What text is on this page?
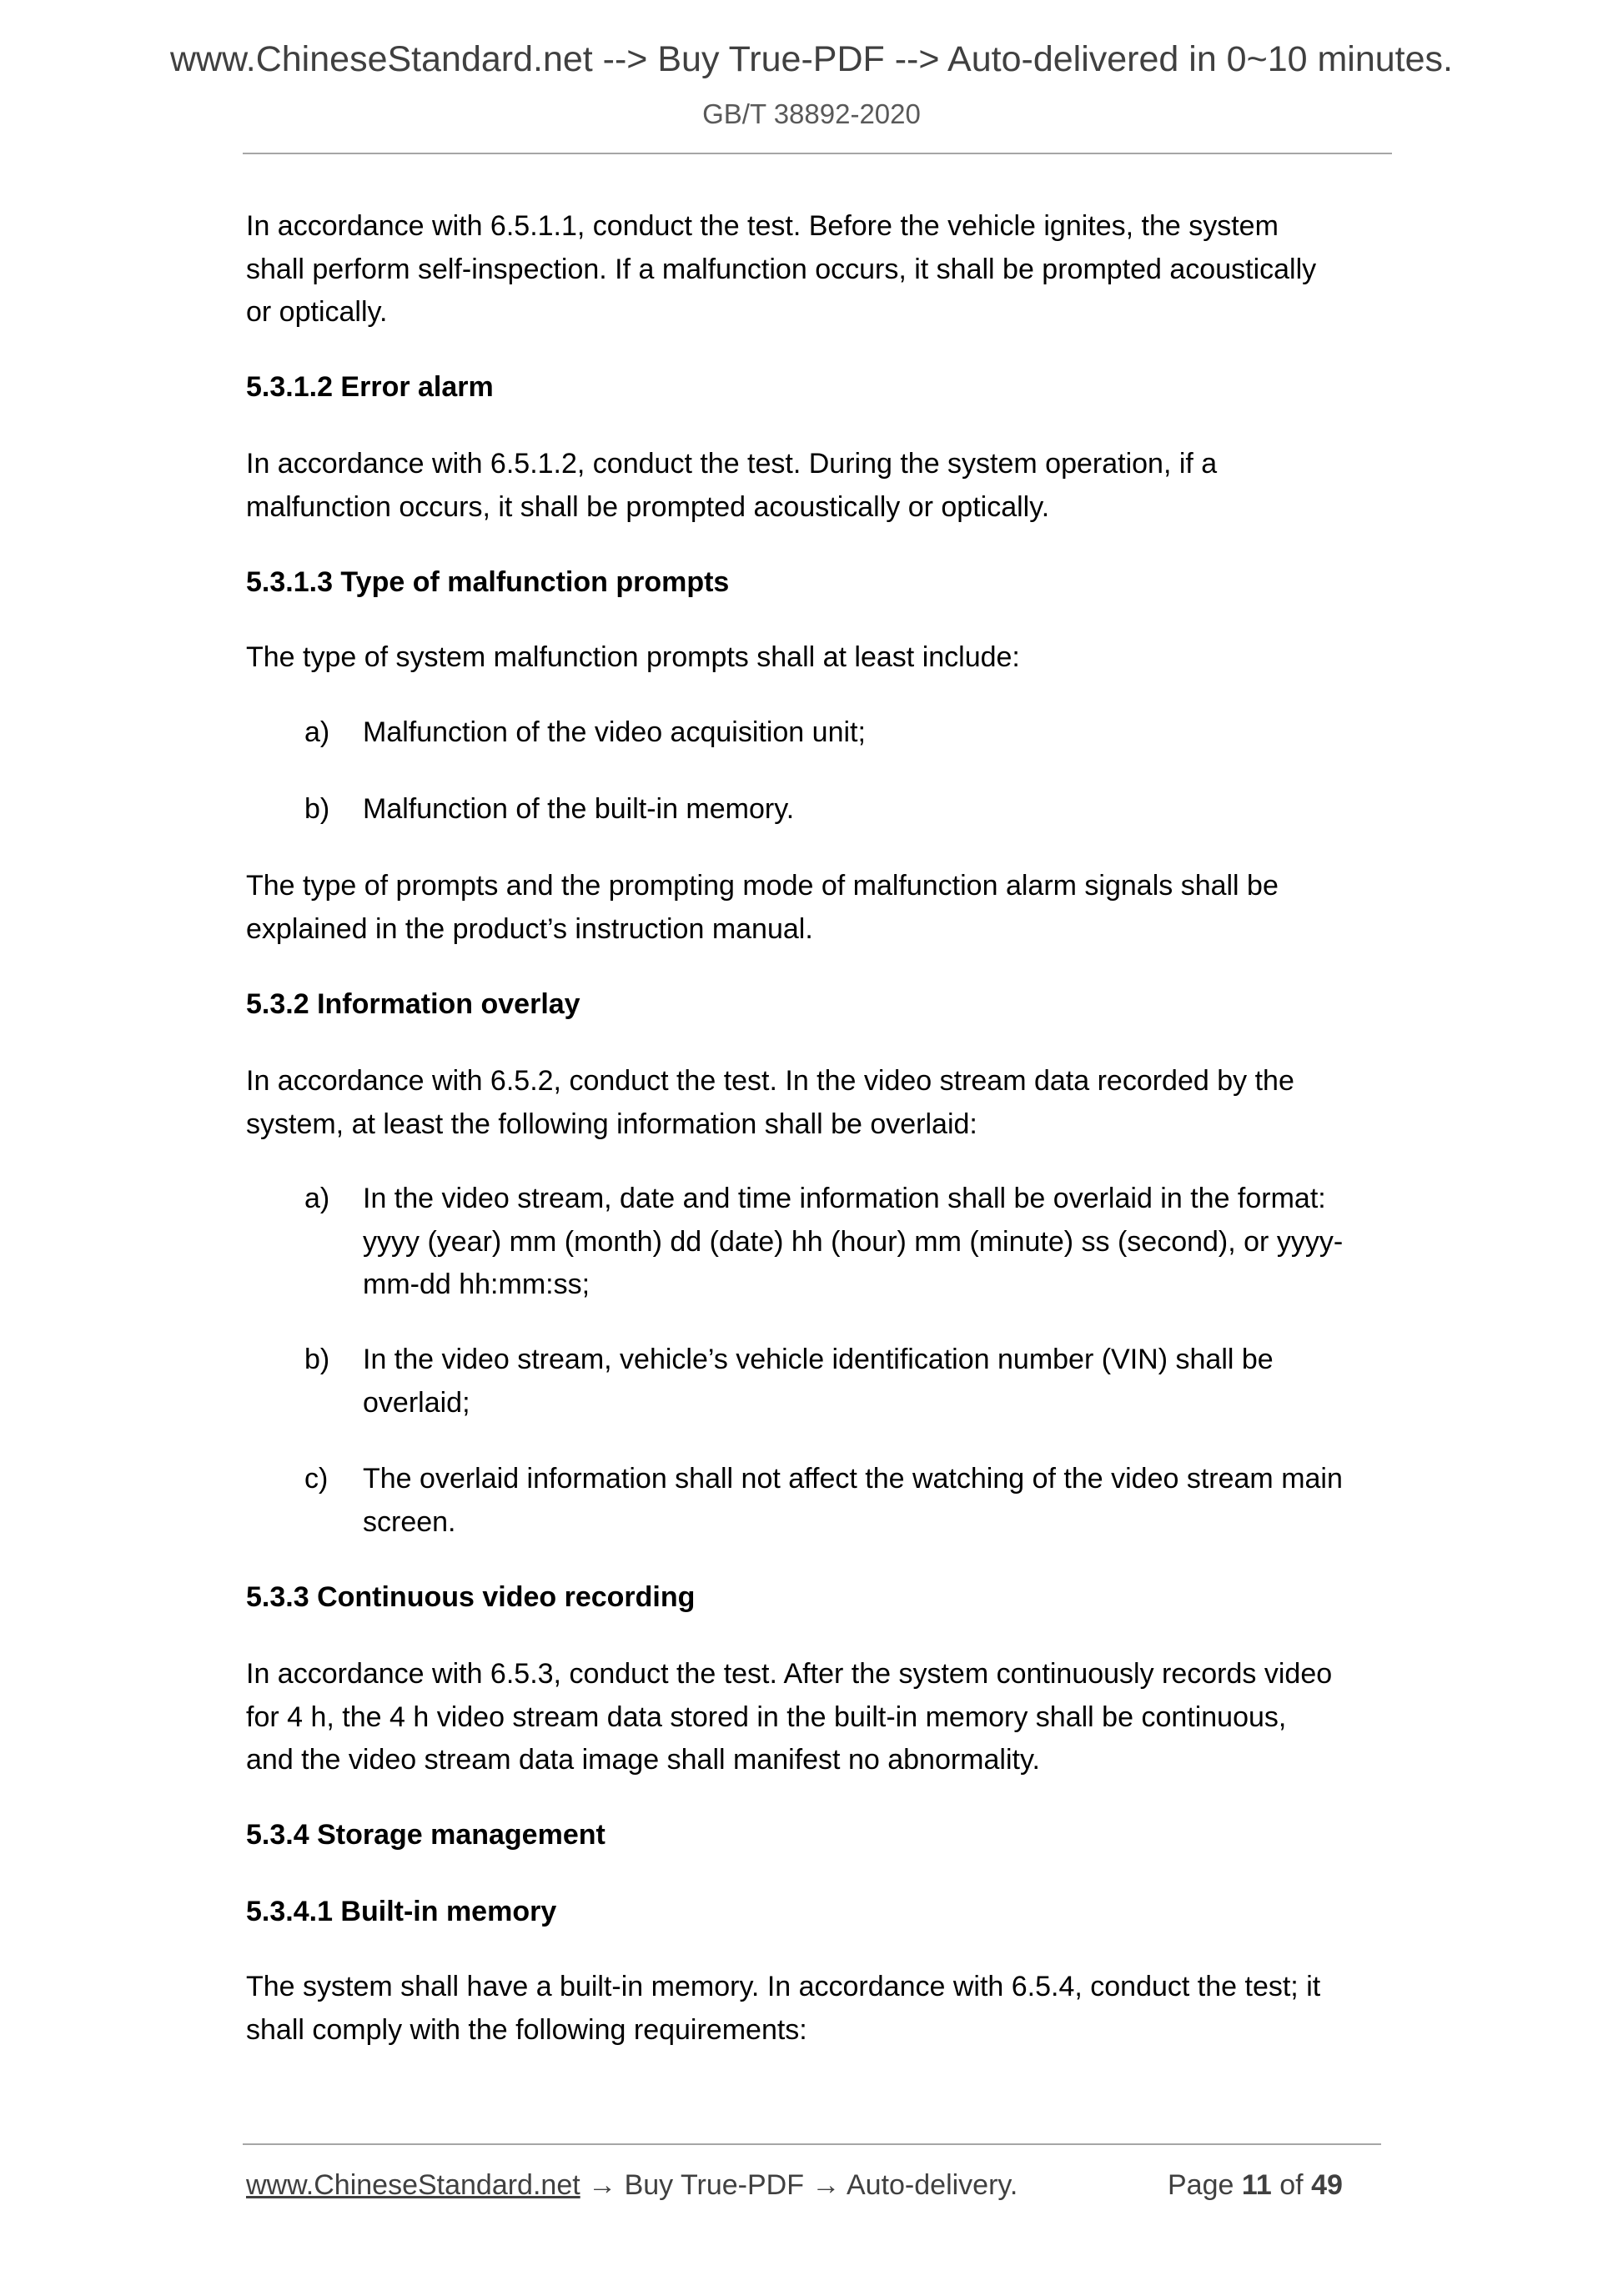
www.ChineseStandard.net --> Buy True-PDF --> Auto-delivered in 0~10 minutes.
GB/T 38892-2020
In accordance with 6.5.1.1, conduct the test. Before the vehicle ignites, the system
shall perform self-inspection. If a malfunction occurs, it shall be prompted acoustically
or optically.
5.3.1.2 Error alarm
In accordance with 6.5.1.2, conduct the test. During the system operation, if a
malfunction occurs, it shall be prompted acoustically or optically.
5.3.1.3 Type of malfunction prompts
The type of system malfunction prompts shall at least include:
a) Malfunction of the video acquisition unit;
b) Malfunction of the built-in memory.
The type of prompts and the prompting mode of malfunction alarm signals shall be
explained in the product’s instruction manual.
5.3.2 Information overlay
In accordance with 6.5.2, conduct the test. In the video stream data recorded by the
system, at least the following information shall be overlaid:
a) In the video stream, date and time information shall be overlaid in the format:
yyyy (year) mm (month) dd (date) hh (hour) mm (minute) ss (second), or yyyy-
mm-dd hh:mm:ss;
b) In the video stream, vehicle’s vehicle identification number (VIN) shall be
overlaid;
c) The overlaid information shall not affect the watching of the video stream main
screen.
5.3.3 Continuous video recording
In accordance with 6.5.3, conduct the test. After the system continuously records video
for 4 h, the 4 h video stream data stored in the built-in memory shall be continuous,
and the video stream data image shall manifest no abnormality.
5.3.4 Storage management
5.3.4.1 Built-in memory
The system shall have a built-in memory. In accordance with 6.5.4, conduct the test; it
shall comply with the following requirements:
www.ChineseStandard.net → Buy True-PDF → Auto-delivery.	Page 11 of 49
